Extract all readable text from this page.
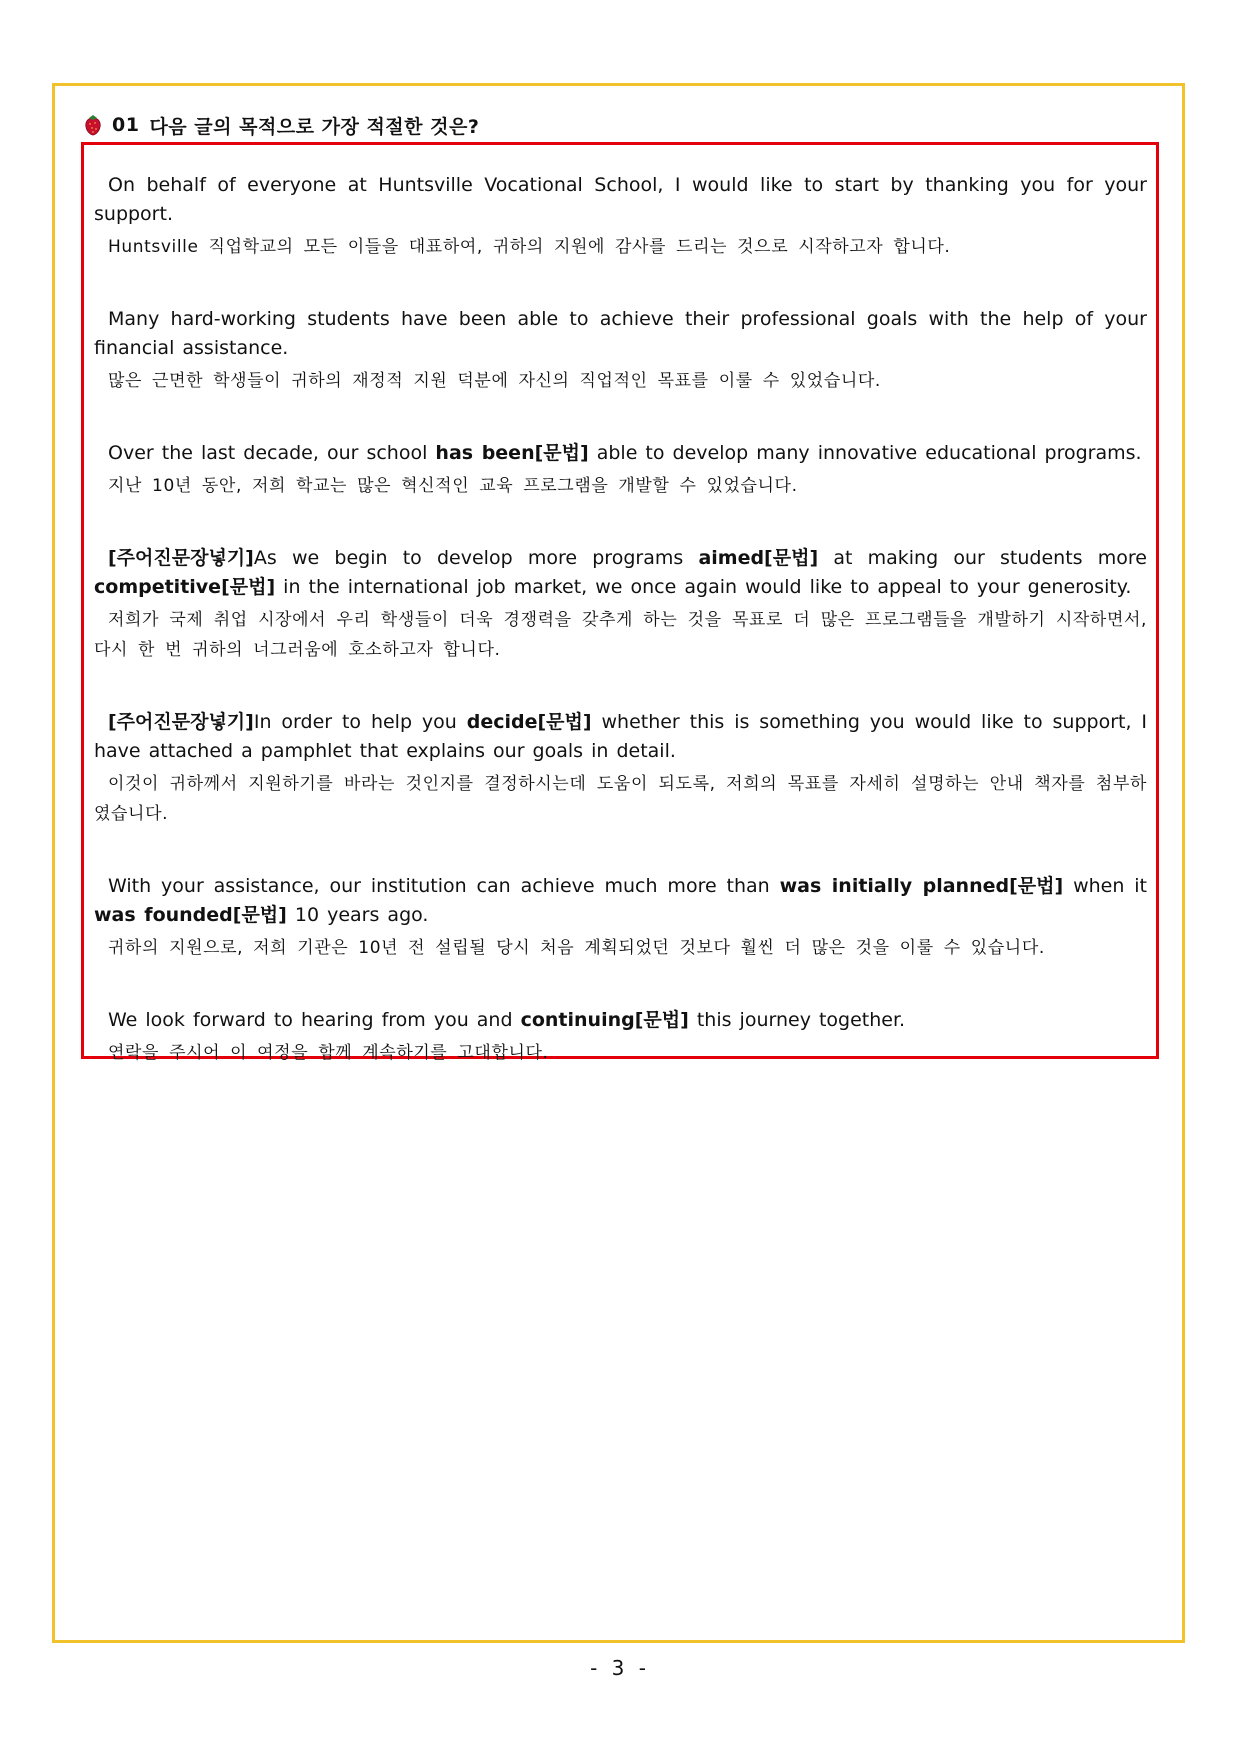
01 다음 글의 목적으로 가장 적절한 것은?

On behalf of everyone at Huntsville Vocational School, I would like to start by thanking you for your support.

Huntsville 직업학교의 모든 이들을 대표하여, 귀하의 지원에 감사를 드리는 것으로 시작하고자 합니다.

Many hard-working students have been able to achieve their professional goals with the help of your financial assistance.

많은 근면한 학생들이 귀하의 재정적 지원 덕분에 자신의 직업적인 목표를 이룰 수 있었습니다.

Over the last decade, our school has been[문법] able to develop many innovative educational programs.

지난 10년 동안, 저희 학교는 많은 혁신적인 교육 프로그램을 개발할 수 있었습니다.

[주어진문장넣기]As we begin to develop more programs aimed[문법] at making our students more competitive[문법] in the international job market, we once again would like to appeal to your generosity.

저희가 국제 취업 시장에서 우리 학생들이 더욱 경쟁력을 갖추게 하는 것을 목표로 더 많은 프로그램들을 개발하기 시작하면서, 다시 한 번 귀하의 너그러움에 호소하고자 합니다.

[주어진문장넣기]In order to help you decide[문법] whether this is something you would like to support, I have attached a pamphlet that explains our goals in detail.

이것이 귀하께서 지원하기를 바라는 것인지를 결정하시는데 도움이 되도록, 저희의 목표를 자세히 설명하는 안내 책자를 첨부하였습니다.

With your assistance, our institution can achieve much more than was initially planned[문법] when it was founded[문법] 10 years ago.

귀하의 지원으로, 저희 기관은 10년 전 설립될 당시 처음 계획되었던 것보다 훨씬 더 많은 것을 이룰 수 있습니다.

We look forward to hearing from you and continuing[문법] this journey together.

연락을 주시어 이 여정을 함께 계속하기를 고대합니다.

- 3 -
